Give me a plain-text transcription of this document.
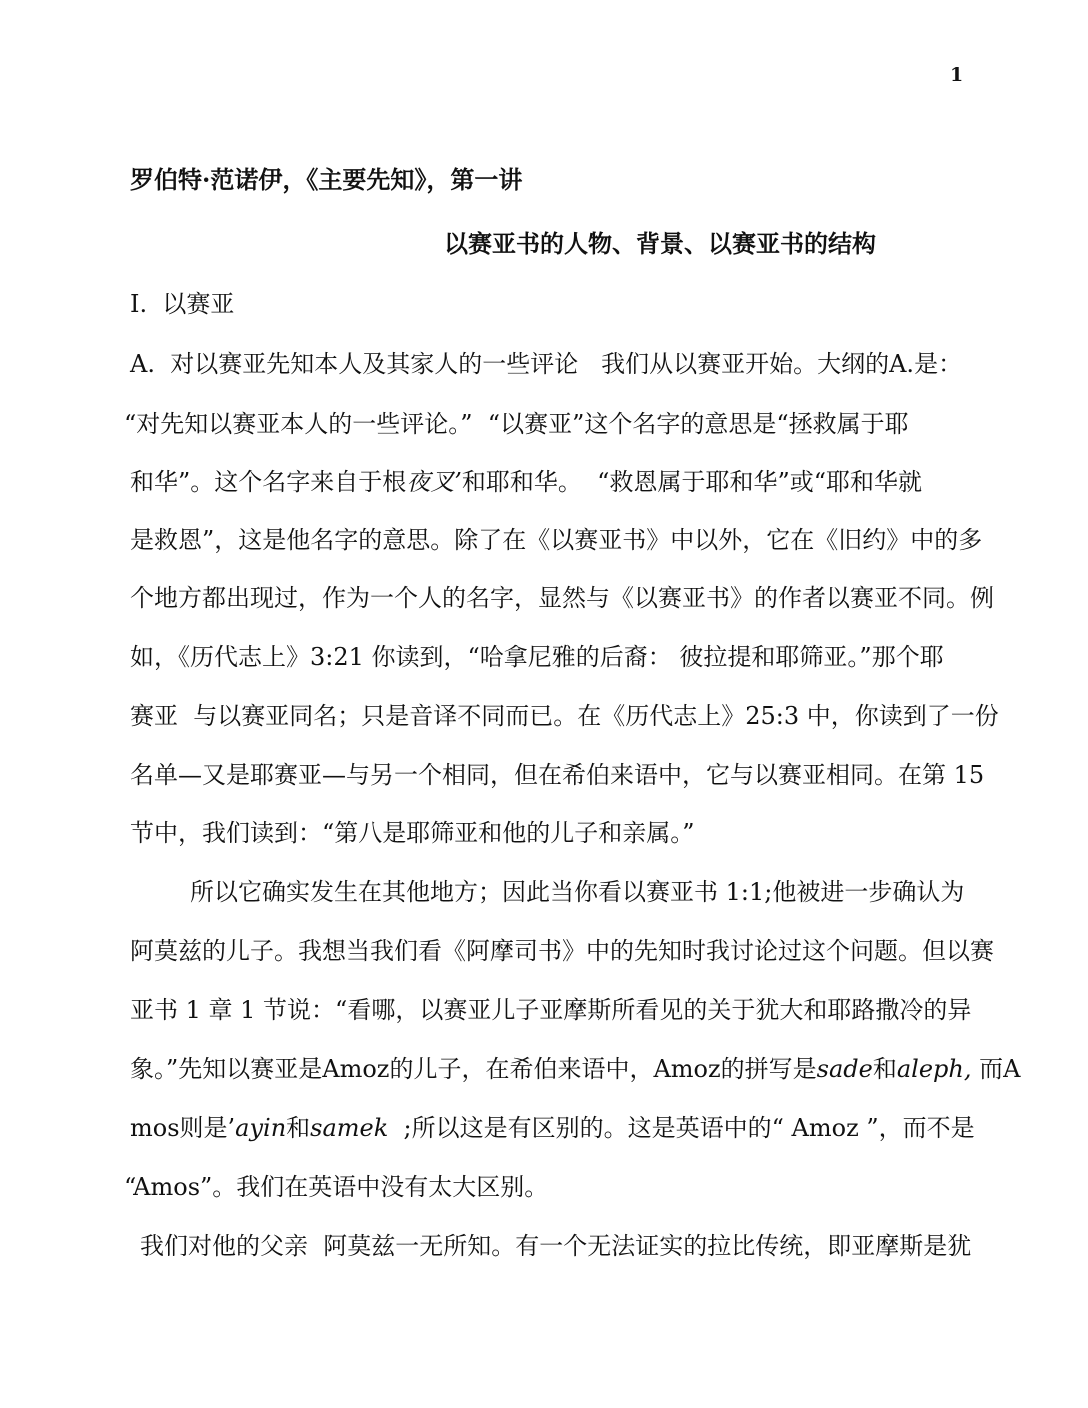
1
罗伯特·范诺伊，《主要先知》，第一讲
以赛亚书的人物、背景、以赛亚书的结构
I.  以赛亚
A.  对以赛亚先知本人及其家人的一些评论   我们从以赛亚开始。大纲的A.是：
“对先知以赛亚本人的一些评论。”  “以赛亚”这个名字的意思是“拯救属于耶
和华”。这个名字来自于根夜叉’和耶和华。  “救恩属于耶和华”或“耶和华就
是救恩”，这是他名字的意思。除了在《以赛亚书》中以外，它在《旧约》中的多
个地方都出现过，作为一个人的名字，显然与《以赛亚书》的作者以赛亚不同。例
如，《历代志上》3:21 你读到，“哈拿尼雅的后裔： 彼拉提和耶筛亚。”那个耶
赛亚  与以赛亚同名；只是音译不同而已。在《历代志上》25:3 中，你读到了一份
名单—又是耶赛亚—与另一个相同，但在希伯来语中，它与以赛亚相同。在第 15
节中，我们读到：“第八是耶筛亚和他的儿子和亲属。”
所以它确实发生在其他地方；因此当你看以赛亚书 1:1;他被进一步确认为
阿莫兹的儿子。我想当我们看《阿摩司书》中的先知时我讨论过这个问题。但以赛
亚书 1 章 1 节说：“看哪，以赛亚儿子亚摩斯所看见的关于犹大和耶路撒冷的异
象。”先知以赛亚是Amoz的儿子，在希伯来语中，Amoz的拼写是sade和aleph, 而A
mos则是’ayin和samek  ;所以这是有区别的。这是英语中的“ Amoz ”，而不是
“Amos”。我们在英语中没有太大区别。
我们对他的父亲  阿莫兹一无所知。有一个无法证实的拉比传统，即亚摩斯是犹
